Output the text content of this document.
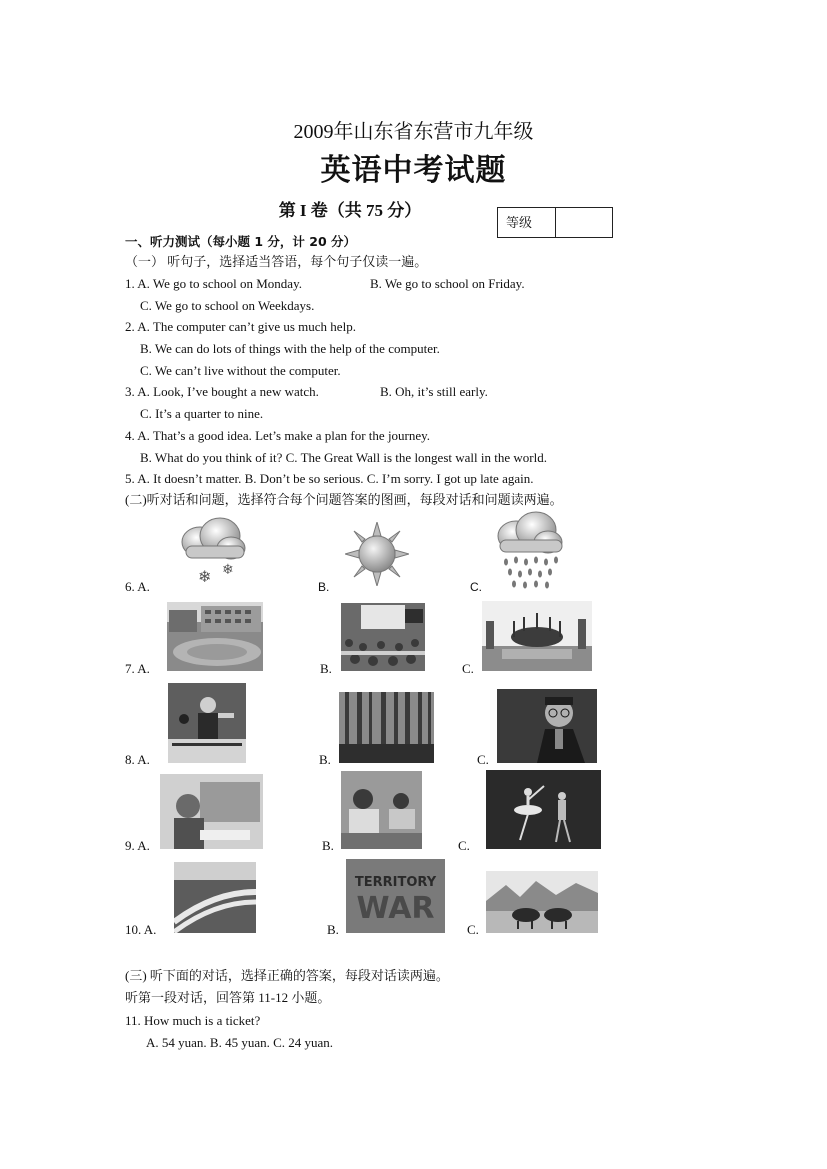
2009年山东省东营市九年级
英语中考试题
第 I 卷（共 75 分）
等级
一、听力测试（每小题 1 分，计 20 分）
（一） 听句子，选择适当答语，每个句子仅读一遍。
1. A. We go to school on Monday.	B. We go to school on Friday.
C. We go to school on Weekdays.
2. A. The computer can’t give us much help.
B. We can do lots of things with the help of the computer.
C. We can’t live without the computer.
3. A. Look, I’ve bought a new watch.	B. Oh, it’s still early.
C. It’s a quarter to nine.
4. A. That’s a good idea. Let’s make a plan for the journey.
B. What do you think of it? C. The Great Wall is the longest wall in the world.
5. A. It doesn’t matter. B. Don’t be so serious. C. I’m sorry. I got up late again.
(二)听对话和问题，选择符合每个问题答案的图画，每段对话和问题读两遍。
6. A.
❄ ❄
B.	C.
7. A.	B.	C.
8. A.	B.	C.
9. A.	B.	C.
10. A.	B.
TERRITORY
WAR
C.
(三) 听下面的对话，选择正确的答案，每段对话读两遍。
听第一段对话，回答第 11-12 小题。
11. How much is a ticket?
A. 54 yuan. B. 45 yuan. C. 24 yuan.
